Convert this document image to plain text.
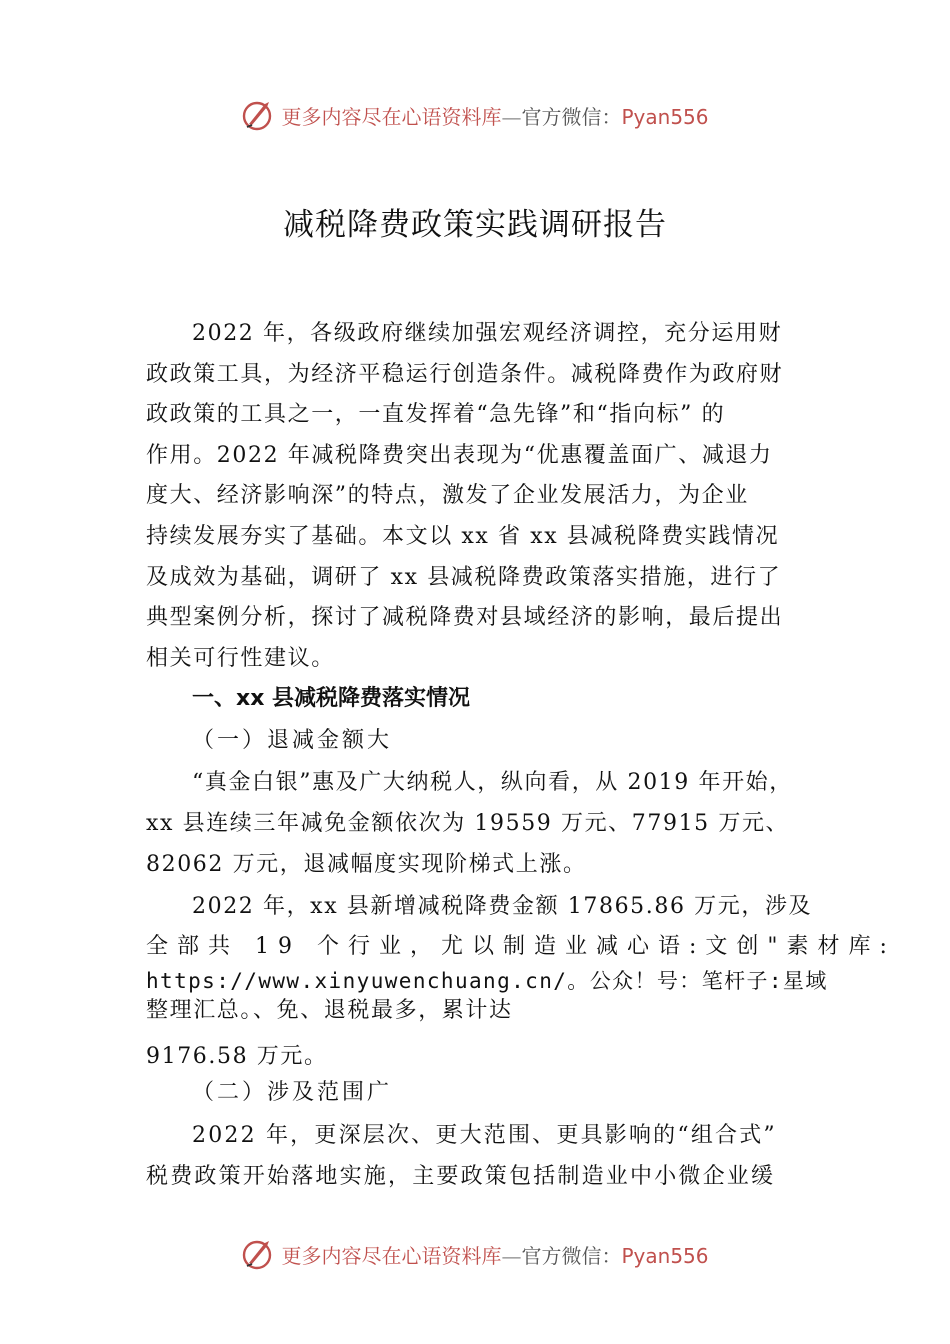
更多内容尽在心语资料库—官方微信：Pyan556
减税降费政策实践调研报告
2022 年，各级政府继续加强宏观经济调控，充分运用财
政政策工具，为经济平稳运行创造条件。减税降费作为政府财
政政策的工具之一，一直发挥着“急先锋”和“指向标” 的
作用。2022 年减税降费突出表现为“优惠覆盖面广、减退力
度大、经济影响深”的特点，激发了企业发展活力，为企业
持续发展夯实了基础。本文以 xx 省 xx 县减税降费实践情况
及成效为基础，调研了 xx 县减税降费政策落实措施，进行了
典型案例分析，探讨了减税降费对县域经济的影响，最后提出
相关可行性建议。
一、xx 县减税降费落实情况
（一）退减金额大
“真金白银”惠及广大纳税人，纵向看，从 2019 年开始，
xx 县连续三年减免金额依次为 19559 万元、77915 万元、
82062 万元，退减幅度实现阶梯式上涨。
2022 年，xx 县新增减税降费金额 17865.86 万元，涉及
全部共 19 个行业，尤以制造业减心语:文创"素材库:
https://www.xinyuwenchuang.cn/。公众！号：笔杆子:星域
整理汇总。、免、退税最多，累计达
9176.58 万元。
（二）涉及范围广
2022 年，更深层次、更大范围、更具影响的“组合式”
税费政策开始落地实施，主要政策包括制造业中小微企业缓
更多内容尽在心语资料库—官方微信：Pyan556
